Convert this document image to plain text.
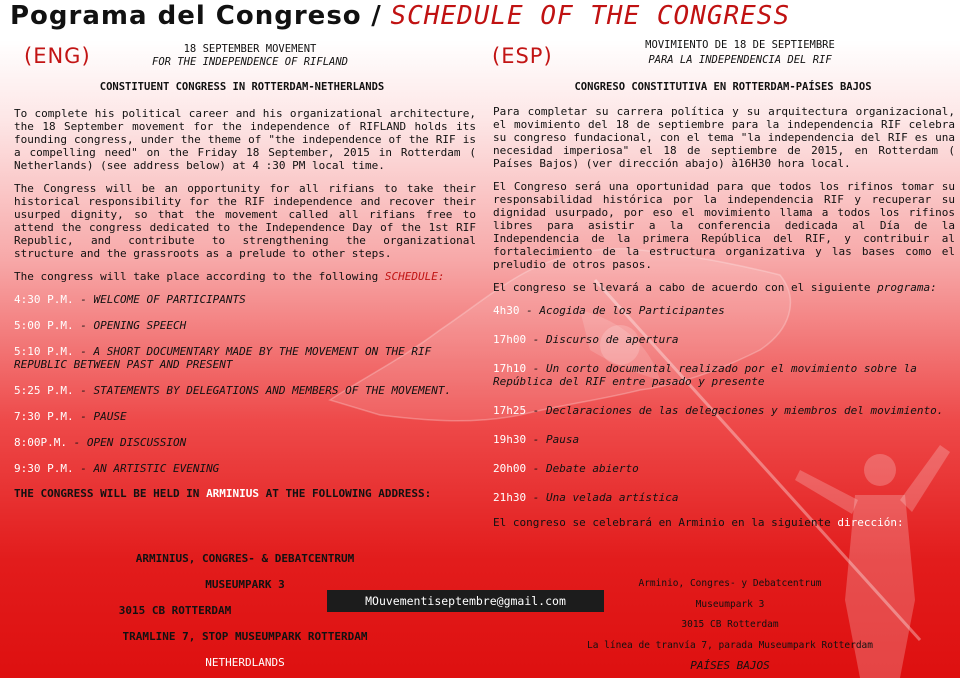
Pograma del Congreso / SCHEDULE OF THE CONGRESS
(ENG)	18 SEPTEMBER MOVEMENT
FOR THE INDEPENDENCE OF RIFLAND
CONSTITUENT CONGRESS IN ROTTERDAM-NETHERLANDS

To complete his political career and his organizational architecture, the 18 September movement for the independence of RIFLAND holds its founding congress, under the theme of "the independence of the RIF is a compelling need" on the Friday 18 September, 2015 in Rotterdam ( Netherlands) (see address below) at 4 :30 PM local time.

The Congress will be an opportunity for all rifians to take their historical responsibility for the RIF independence and recover their usurped dignity, so that the movement called all rifians free to attend the congress dedicated to the Independence Day of the 1st RIF Republic, and contribute to strengthening the organizational structure and the grassroots as a prelude to other steps.

The congress will take place according to the following SCHEDULE:

4:30 P.M. - WELCOME OF PARTICIPANTS

5:00 P.M. - OPENING SPEECH

5:10 P.M. - A SHORT DOCUMENTARY MADE BY THE MOVEMENT ON THE RIF REPUBLIC BETWEEN PAST AND PRESENT

5:25 P.M. - STATEMENTS BY DELEGATIONS AND MEMBERS OF THE MOVEMENT.

7:30 P.M. - PAUSE

8:00P.M. - OPEN DISCUSSION

9:30 P.M. - AN ARTISTIC EVENING

THE CONGRESS WILL BE HELD IN ARMINIUS AT THE FOLLOWING ADDRESS:

ARMINIUS, CONGRES- & DEBATCENTRUM
MUSEUMPARK 3
3015 CB ROTTERDAM
TRAMLINE 7, STOP MUSEUMPARK ROTTERDAM
NETHERDLANDS
MOuvementiseptembre@gmail.com
(ESP)	MOVIMIENTO DE 18 DE SEPTIEMBRE
PARA LA INDEPENDENCIA DEL RIF
CONGRESO CONSTITUTIVA EN ROTTERDAM-PAÍSES BAJOS

Para completar su carrera política y su arquitectura organizacional, el movimiento del 18 de septiembre para la independencia RIF celebra su congreso fundacional, con el tema "la independencia del RIF es una necesidad imperiosa" el 18 de septiembre de 2015, en Rotterdam ( Países Bajos) (ver dirección abajo) à16H30 hora local.

El Congreso será una oportunidad para que todos los rifinos tomar su responsabilidad histórica por la independencia RIF y recuperar su dignidad usurpado, por eso el movimiento llama a todos los rifinos libres para asistir a la conferencia dedicada al Día de la Independencia de la primera República del RIF, y contribuir al fortalecimiento de la estructura organizativa y las bases como el preludio de otros pasos.

El congreso se llevará a cabo de acuerdo con el siguiente programa:

4h30 - Acogida de los Participantes

17h00 - Discurso de apertura

17h10 - Un corto documental realizado por el movimiento sobre la República del RIF entre pasado y presente

17h25 - Declaraciones de las delegaciones y miembros del movimiento.

19h30 - Pausa

20h00 - Debate abierto

21h30 - Una velada artística

El congreso se celebrará en Arminio en la siguiente dirección:

Arminio, Congres- y Debatcentrum
Museumpark 3
3015 CB Rotterdam
La línea de tranvía 7, parada Museumpark Rotterdam
PAÍSES BAJOS
